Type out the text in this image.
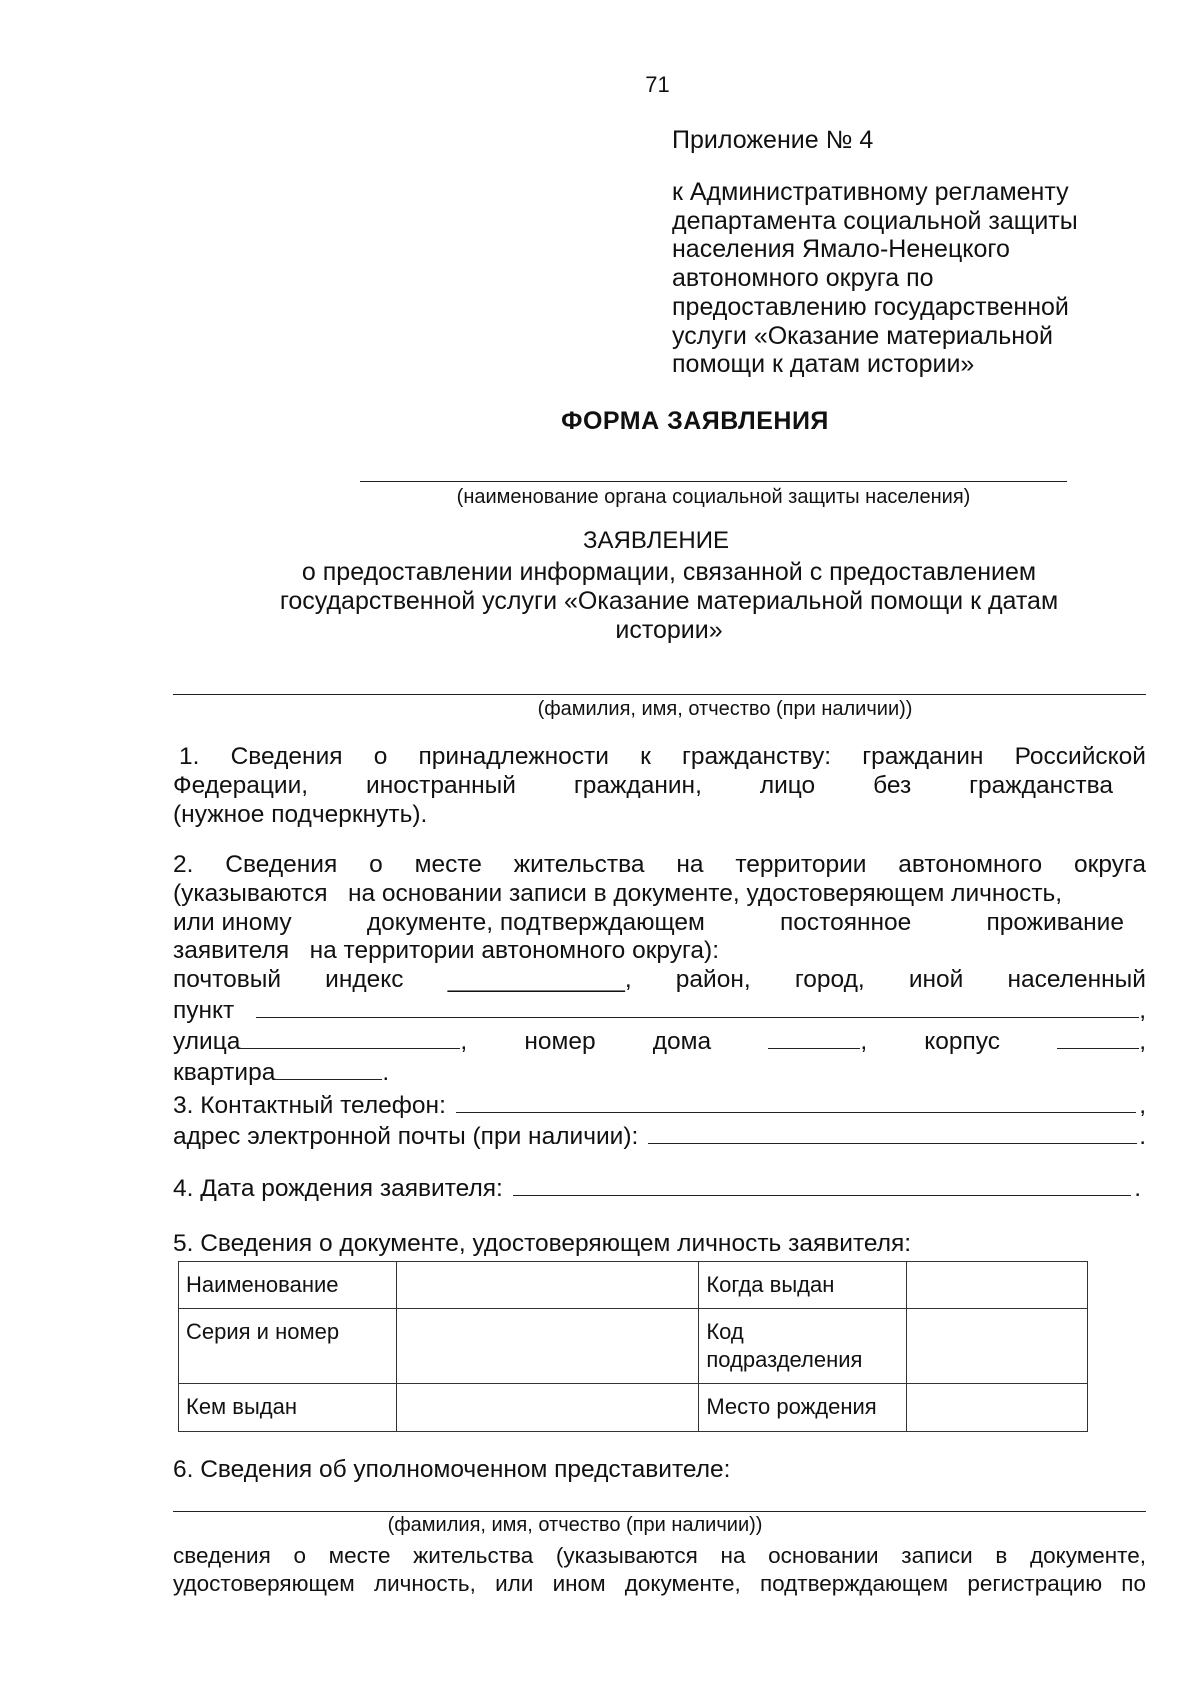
71

Приложение № 4

к Административному регламенту
департамента социальной защиты
населения Ямало-Ненецкого
автономного округа по
предоставлению государственной
услуги «Оказание материальной
помощи к датам истории»

ФОРМА ЗАЯВЛЕНИЯ

(наименование органа социальной защиты населения)

ЗАЯВЛЕНИЕ

о предоставлении информации, связанной с предоставлением
государственной услуги «Оказание материальной помощи к датам
истории»

(фамилия, имя, отчество (при наличии))

1. Сведения о принадлежности к гражданству: гражданин Российской
Федерации, иностранный гражданин, лицо без гражданства
(нужное подчеркнуть).
2. Сведения о месте жительства на территории автономного округа
(указываются   на основании записи в документе, удостоверяющем личность,
или иному	документе, подтверждающем	постоянное	проживание
заявителя   на территории автономного округа):
почтовый индекс _____________, район, город, иной населенный
пункт	,
улица	, номер дома	, корпус	,
квартира	.
3. Контактный телефон:	,
адрес электронной почты (при наличии):	.
4. Дата рождения заявителя:	.

5. Сведения о документе, удостоверяющем личность заявителя:

Наименование		Когда выдан	
Серия и номер		Код
подразделения	
Кем выдан		Место рождения	

6. Сведения об уполномоченном представителе:

(фамилия, имя, отчество (при наличии))

сведения о месте жительства (указываются на основании записи в документе,
удостоверяющем личность, или ином документе, подтверждающем регистрацию по
